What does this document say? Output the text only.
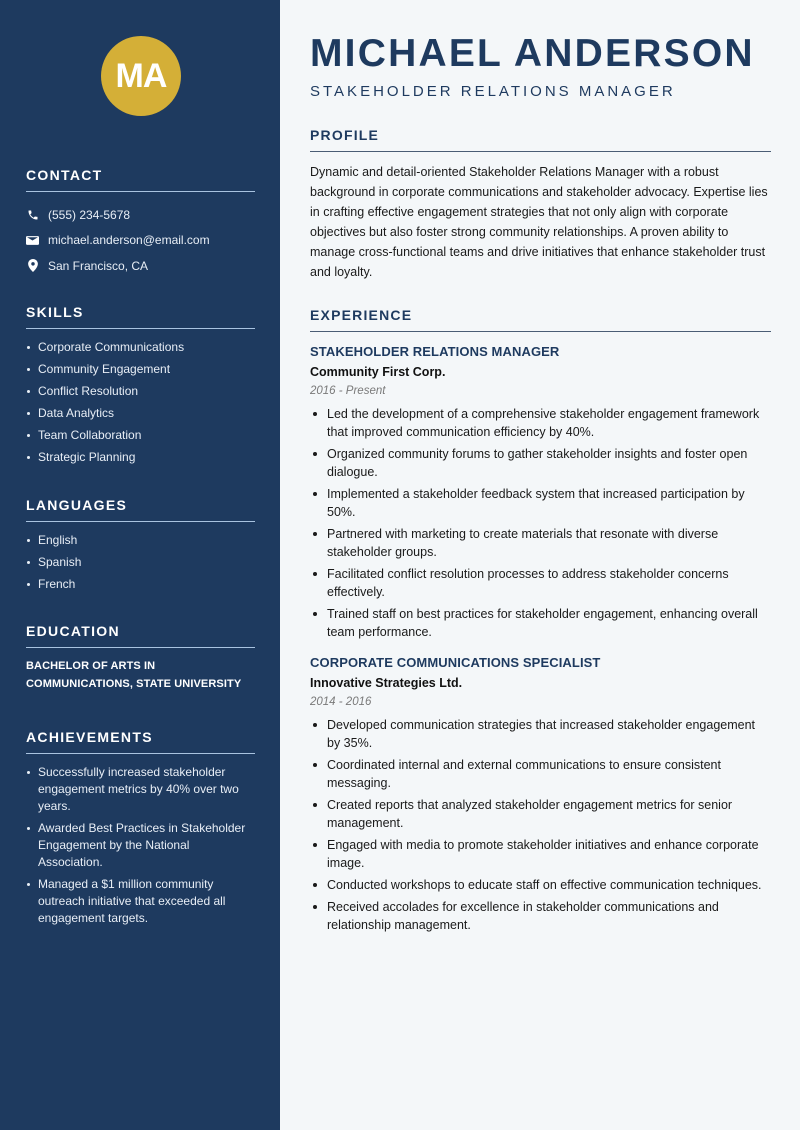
MA
CONTACT
(555) 234-5678
michael.anderson@email.com
San Francisco, CA
SKILLS
Corporate Communications
Community Engagement
Conflict Resolution
Data Analytics
Team Collaboration
Strategic Planning
LANGUAGES
English
Spanish
French
EDUCATION

BACHELOR OF ARTS IN COMMUNICATIONS, STATE UNIVERSITY

ACHIEVEMENTS
Successfully increased stakeholder engagement metrics by 40% over two years.
Awarded Best Practices in Stakeholder Engagement by the National Association.
Managed a $1 million community outreach initiative that exceeded all engagement targets.
MICHAEL ANDERSON
STAKEHOLDER RELATIONS MANAGER
PROFILE

Dynamic and detail-oriented Stakeholder Relations Manager with a robust background in corporate communications and stakeholder advocacy. Expertise lies in crafting effective engagement strategies that not only align with corporate objectives but also foster strong community relationships. A proven ability to manage cross-functional teams and drive initiatives that enhance stakeholder trust and loyalty.

EXPERIENCE
STAKEHOLDER RELATIONS MANAGER
Community First Corp.
2016 - Present
Led the development of a comprehensive stakeholder engagement framework that improved communication efficiency by 40%.
Organized community forums to gather stakeholder insights and foster open dialogue.
Implemented a stakeholder feedback system that increased participation by 50%.
Partnered with marketing to create materials that resonate with diverse stakeholder groups.
Facilitated conflict resolution processes to address stakeholder concerns effectively.
Trained staff on best practices for stakeholder engagement, enhancing overall team performance.
CORPORATE COMMUNICATIONS SPECIALIST
Innovative Strategies Ltd.
2014 - 2016
Developed communication strategies that increased stakeholder engagement by 35%.
Coordinated internal and external communications to ensure consistent messaging.
Created reports that analyzed stakeholder engagement metrics for senior management.
Engaged with media to promote stakeholder initiatives and enhance corporate image.
Conducted workshops to educate staff on effective communication techniques.
Received accolades for excellence in stakeholder communications and relationship management.
